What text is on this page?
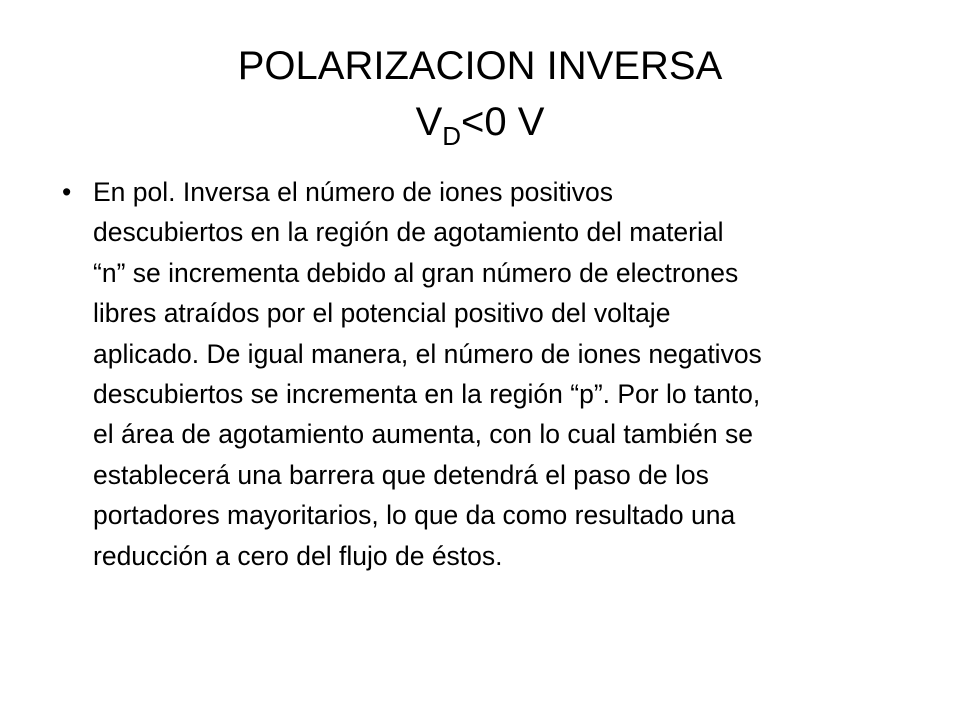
POLARIZACION INVERSA
$V_D<0$ V
• En pol. Inversa el número de iones positivos
descubiertos en la región de agotamiento del material
“n” se incrementa debido al gran número de electrones
libres atraídos por el potencial positivo del voltaje
aplicado. De igual manera, el número de iones negativos
descubiertos se incrementa en la región “p”. Por lo tanto,
el área de agotamiento aumenta, con lo cual también se
establecerá una barrera que detendrá el paso de los
portadores mayoritarios, lo que da como resultado una
reducción a cero del flujo de éstos.
